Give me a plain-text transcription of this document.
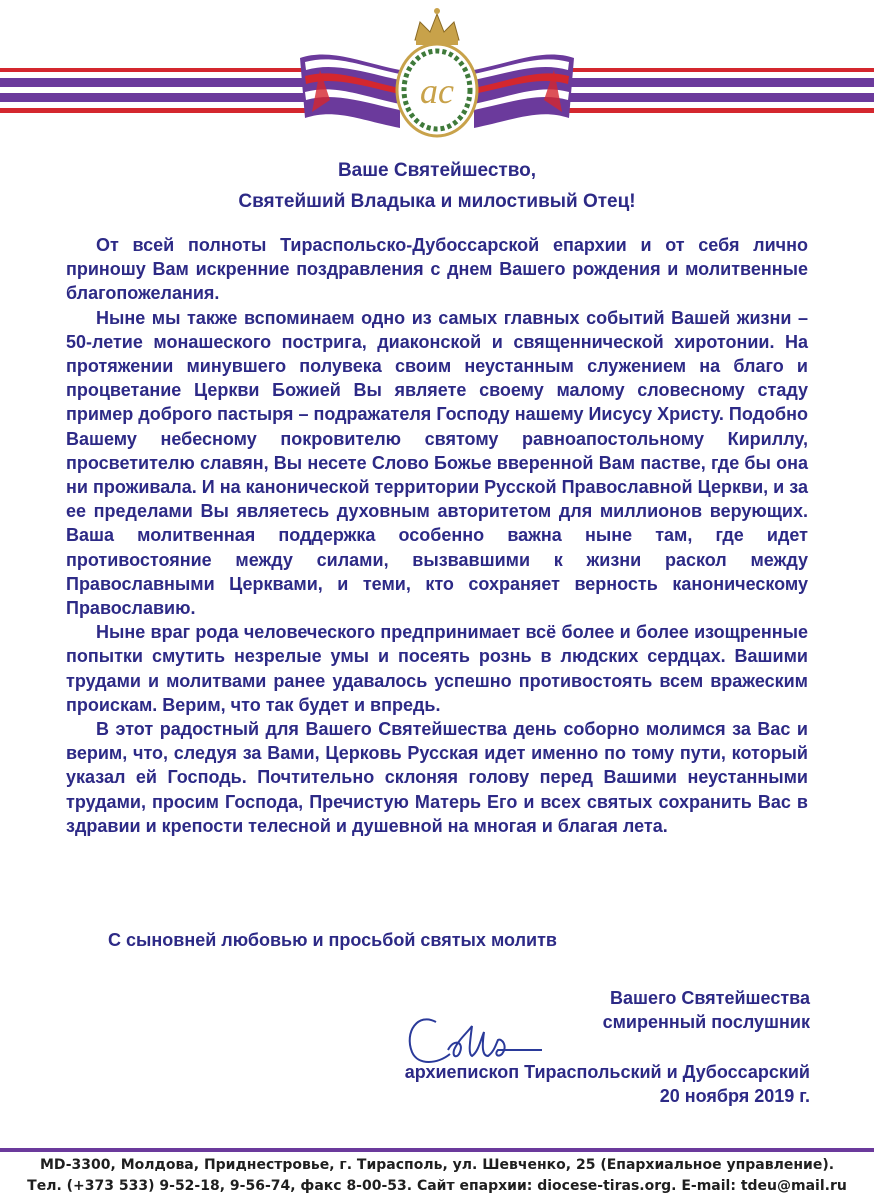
ac
Ваше Святейшество,
Святейший Владыка и милостивый Отец!

От всей полноты Тираспольско-Дубоссарской епархии и от себя лично приношу Вам искренние поздравления с днем Вашего рождения и молитвенные благопожелания.

Ныне мы также вспоминаем одно из самых главных событий Вашей жизни – 50-летие монашеского пострига, диаконской и священнической хиротонии. На протяжении минувшего полувека своим неустанным служением на благо и процветание Церкви Божией Вы являете своему малому словесному стаду пример доброго пастыря – подражателя Господу нашему Иисусу Христу. Подобно Вашему небесному покровителю святому равноапостольному Кириллу, просветителю славян, Вы несете Слово Божье вверенной Вам пастве, где бы она ни проживала. И на канонической территории Русской Православной Церкви, и за ее пределами Вы являетесь духовным авторитетом для миллионов верующих. Ваша молитвенная поддержка особенно важна ныне там, где идет противостояние между силами, вызвавшими к жизни раскол между Православными Церквами, и теми, кто сохраняет верность каноническому Православию.

Ныне враг рода человеческого предпринимает всё более и более изощренные попытки смутить незрелые умы и посеять рознь в людских сердцах. Вашими трудами и молитвами ранее удавалось успешно противостоять всем вражеским проискам. Верим, что так будет и впредь.

В этот радостный для Вашего Святейшества день соборно молимся за Вас и верим, что, следуя за Вами, Церковь Русская идет именно по тому пути, который указал ей Господь. Почтительно склоняя голову перед Вашими неустанными трудами, просим Господа, Пречистую Матерь Его и всех святых сохранить Вас в здравии и крепости телесной и душевной на многая и благая лета.

С сыновней любовью и просьбой святых молитв
Вашего Святейшества
смиренный послушник
архиепископ Тираспольский и Дубоссарский
20 ноября 2019 г.
MD-3300, Молдова, Приднестровье, г. Тирасполь, ул. Шевченко, 25 (Епархиальное управление).
Тел. (+373 533) 9-52-18, 9-56-74, факс 8-00-53. Сайт епархии: diocese-tiras.org. E-mail: tdeu@mail.ru
